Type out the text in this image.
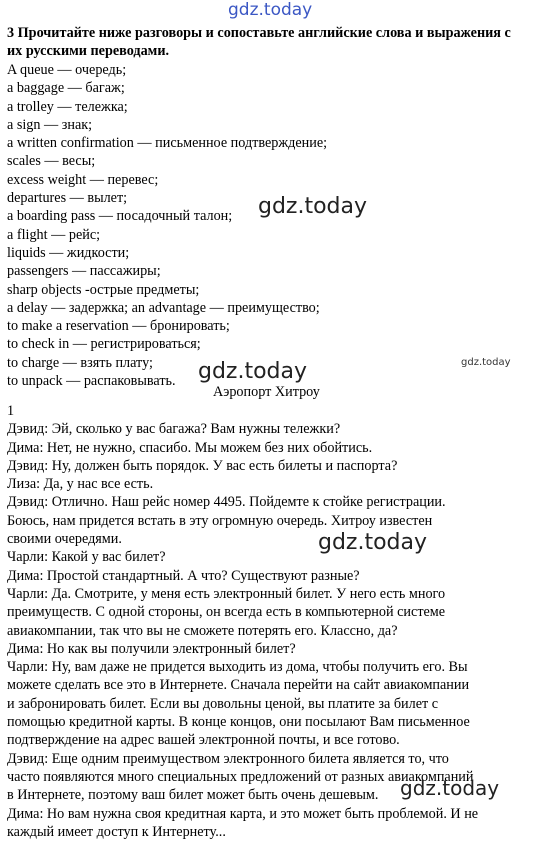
gdz.today
3 Прочитайте ниже разговоры и сопоставьте английские слова и выражения с их русскими переводами.
A queue — очередь;
a baggage — багаж;
a trolley — тележка;
a sign — знак;
a written confirmation — письменное подтверждение;
scales — весы;
excess weight — перевес;
departures — вылет;
a boarding pass — посадочный талон;
a flight — рейс;
liquids — жидкости;
passengers — пассажиры;
sharp objects -острые предметы;
a delay — задержка; an advantage — преимущество;
to make a reservation — бронировать;
to check in — регистрироваться;
to charge — взять плату;
to unpack — распаковывать.
Аэропорт Хитроу
1
Дэвид: Эй, сколько у вас багажа? Вам нужны тележки?
Дима: Нет, не нужно, спасибо. Мы можем без них обойтись.
Дэвид: Ну, должен быть порядок. У вас есть билеты и паспорта?
Лиза: Да, у нас все есть.
Дэвид: Отлично. Наш рейс номер 4495. Пойдемте к стойке регистрации.
Боюсь, нам придется встать в эту огромную очередь. Хитроу известен
своими очередями.
Чарли: Какой у вас билет?
Дима: Простой стандартный. А что? Существуют разные?
Чарли: Да. Смотрите, у меня есть электронный билет. У него есть много
преимуществ. С одной стороны, он всегда есть в компьютерной системе
авиакомпании, так что вы не сможете потерять его. Классно, да?
Дима: Но как вы получили электронный билет?
Чарли: Ну, вам даже не придется выходить из дома, чтобы получить его. Вы
можете сделать все это в Интернете. Сначала перейти на сайт авиакомпании
и забронировать билет. Если вы довольны ценой, вы платите за билет с
помощью кредитной карты. В конце концов, они посылают Вам письменное
подтверждение на адрес вашей электронной почты, и все готово.
Дэвид: Еще одним преимуществом электронного билета является то, что
часто появляются много специальных предложений от разных авиакомпаний
в Интернете, поэтому ваш билет может быть очень дешевым.
Дима: Но вам нужна своя кредитная карта, и это может быть проблемой. И не
каждый имеет доступ к Интернету...
gdz.today
gdz.today
gdz.today
gdz.today
gdz.today
